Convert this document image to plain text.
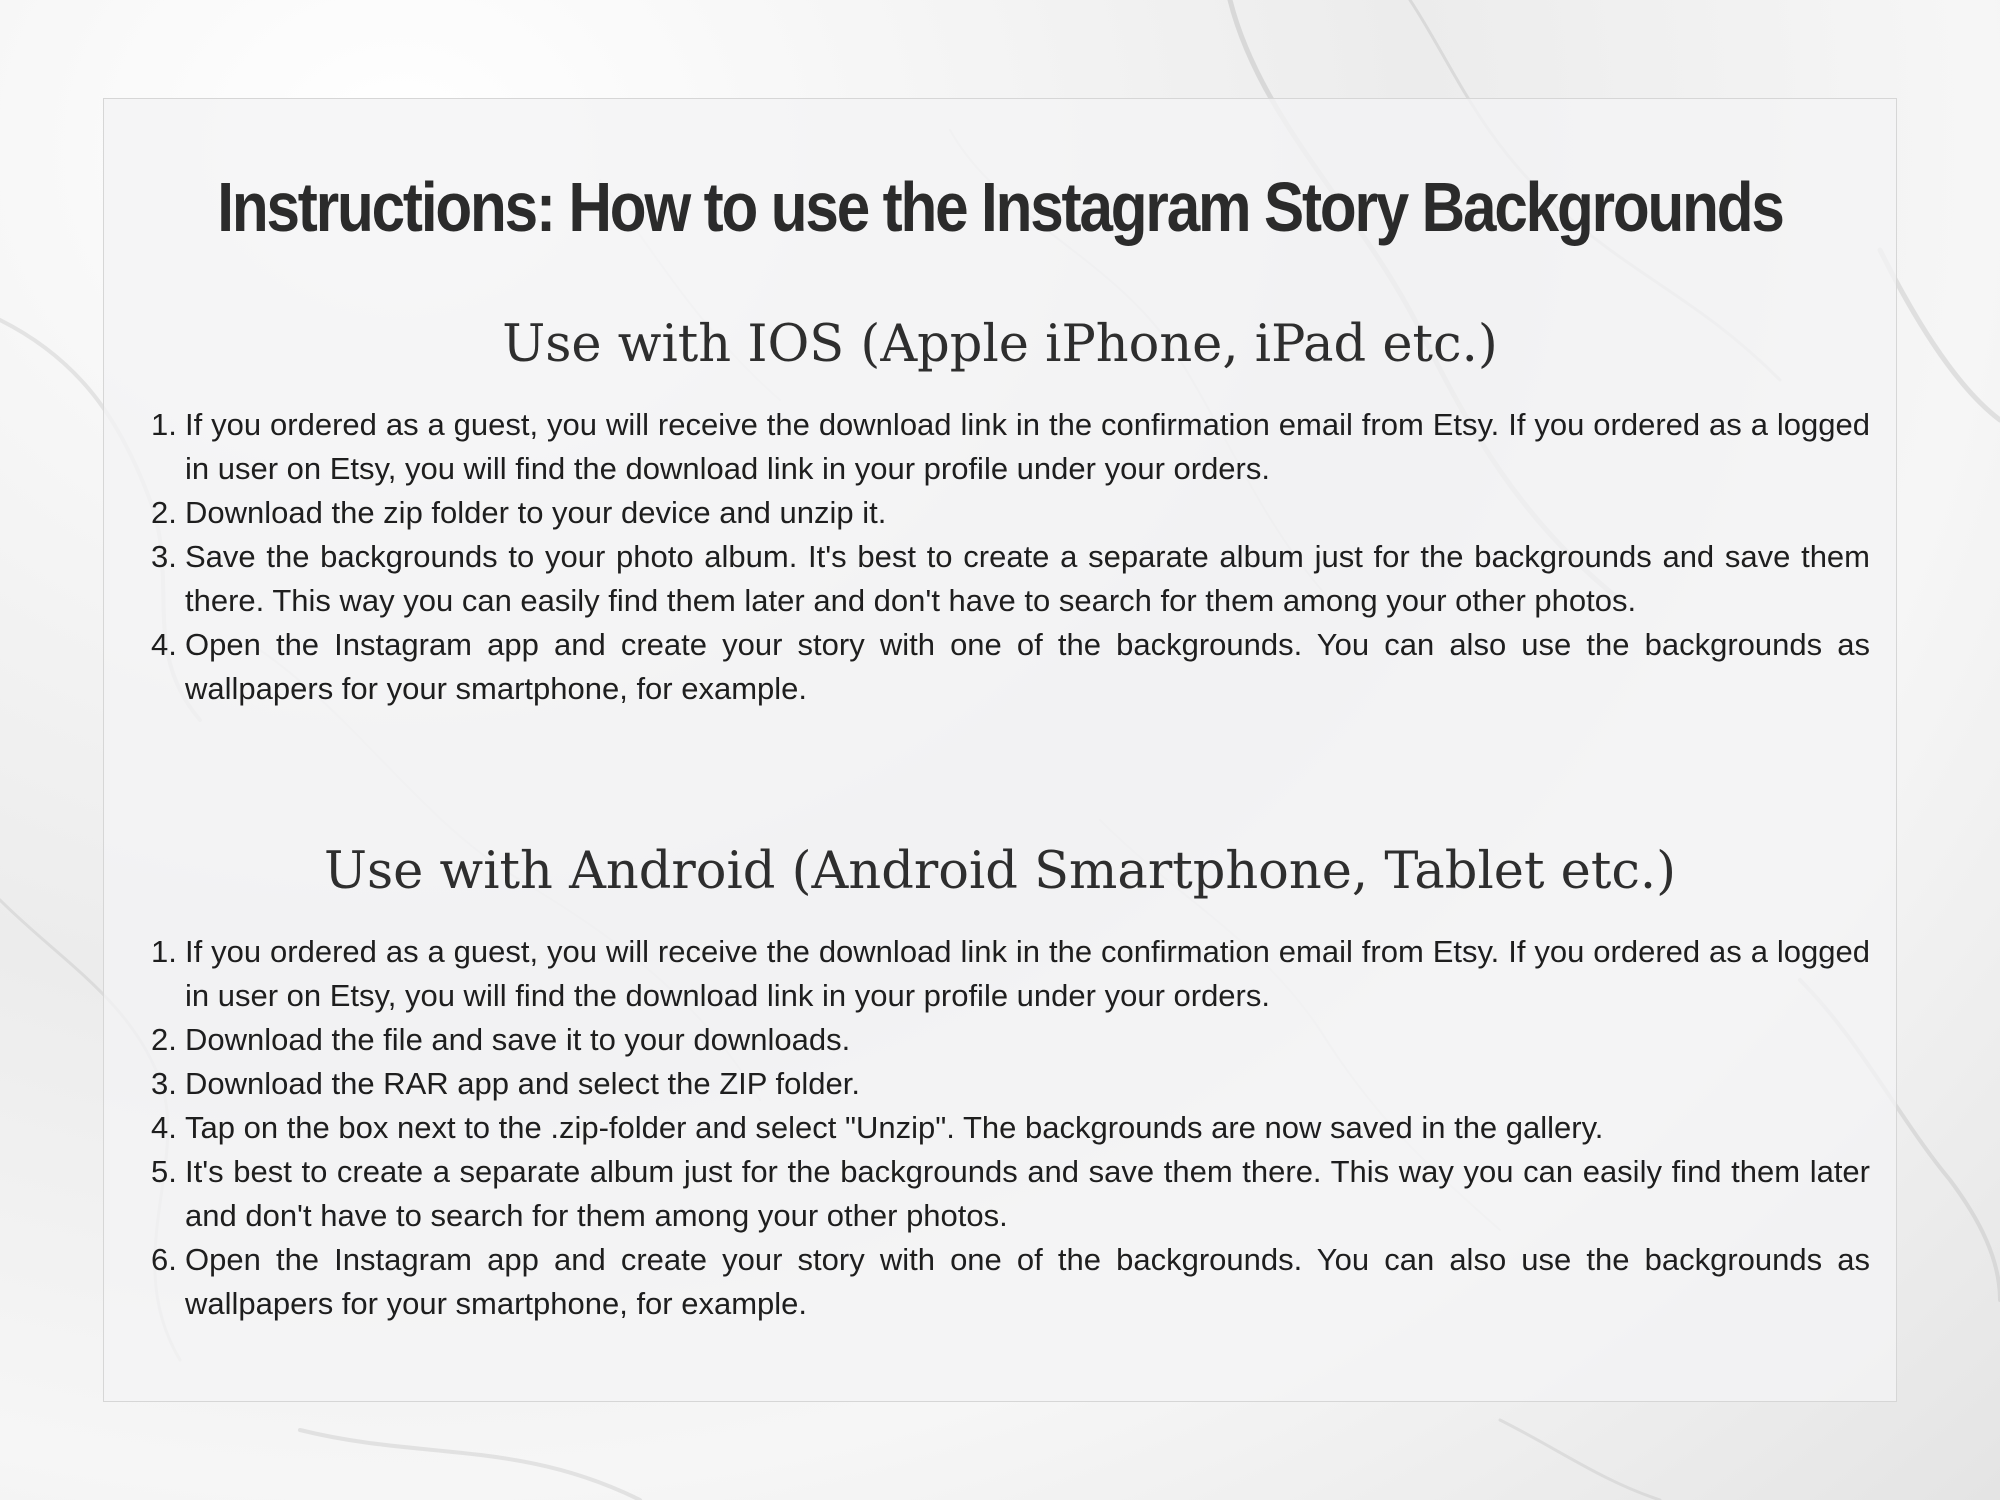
Instructions: How to use the Instagram Story Backgrounds
Use with IOS (Apple iPhone, iPad etc.)
1. If you ordered as a guest, you will receive the download link in the confirmation email from Etsy. If you ordered as a logged in user on Etsy, you will find the download link in your profile under your orders.
2. Download the zip folder to your device and unzip it.
3. Save the backgrounds to your photo album. It's best to create a separate album just for the backgrounds and save them there. This way you can easily find them later and don't have to search for them among your other photos.
4. Open the Instagram app and create your story with one of the backgrounds. You can also use the backgrounds as wallpapers for your smartphone, for example.
Use with Android (Android Smartphone, Tablet etc.)
1. If you ordered as a guest, you will receive the download link in the confirmation email from Etsy. If you ordered as a logged in user on Etsy, you will find the download link in your profile under your orders.
2. Download the file and save it to your downloads.
3. Download the RAR app and select the ZIP folder.
4. Tap on the box next to the .zip-folder and select "Unzip". The backgrounds are now saved in the gallery.
5. It's best to create a separate album just for the backgrounds and save them there. This way you can easily find them later and don't have to search for them among your other photos.
6. Open the Instagram app and create your story with one of the backgrounds. You can also use the backgrounds as wallpapers for your smartphone, for example.
